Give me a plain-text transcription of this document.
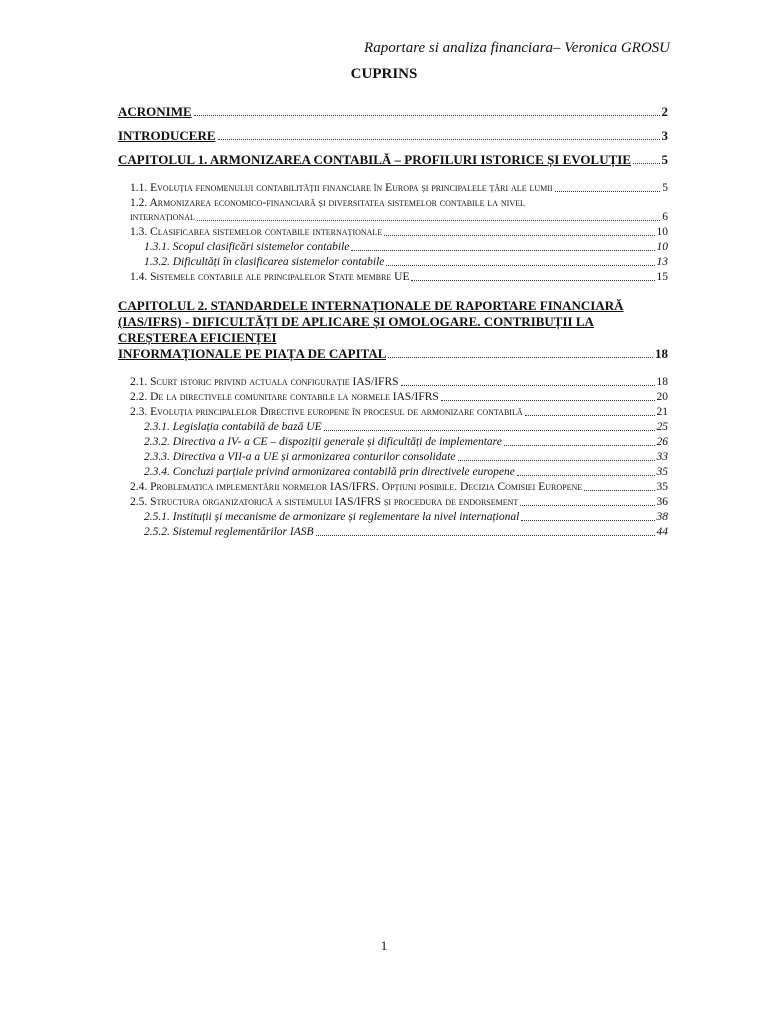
Raportare si analiza financiara– Veronica GROSU
CUPRINS
ACRONIME	2
INTRODUCERE	3
CAPITOLUL 1. ARMONIZAREA CONTABILĂ – PROFILURI ISTORICE ȘI EVOLUȚIE 5
1.1. Evoluția fenomenului contabilității financiare în Europa și principalele țări ale lumii	5
1.2. Armonizarea economico-financiară și diversitatea sistemelor contabile la nivel
internațional	6
1.3. Clasificarea sistemelor contabile internaționale	10
1.3.1. Scopul clasificări sistemelor contabile	10
1.3.2. Dificultăți în clasificarea sistemelor contabile	13
1.4. Sistemele contabile ale principalelor State membre UE	15
CAPITOLUL 2. STANDARDELE INTERNAȚIONALE DE RAPORTARE FINANCIARĂ (IAS/IFRS) - DIFICULTĂȚI DE APLICARE ȘI OMOLOGARE. CONTRIBUȚII LA CREȘTEREA EFICIENȚEI
INFORMAȚIONALE PE PIAȚA DE CAPITAL	18
2.1. Scurt istoric privind actuala configurație IAS/IFRS	18
2.2. De la directivele comunitare contabile la normele IAS/IFRS	20
2.3. Evoluția principalelor Directive europene în procesul de armonizare contabilă	21
2.3.1. Legislația contabilă de bază UE	25
2.3.2. Directiva a IV- a CE – dispoziții generale și dificultăți de implementare	26
2.3.3. Directiva a VII-a a UE și armonizarea conturilor consolidate	33
2.3.4. Concluzi parțiale privind armonizarea contabilă prin directivele europene	35
2.4. Problematica implementării normelor IAS/IFRS. Opțiuni posibile. Decizia Comisiei Europene	35
2.5. Structura organizatorică a sistemului IAS/IFRS și procedura de endorsement	36
2.5.1. Instituții și mecanisme de armonizare și reglementare la nivel internațional	38
2.5.2. Sistemul reglementărilor IASB	44
1
